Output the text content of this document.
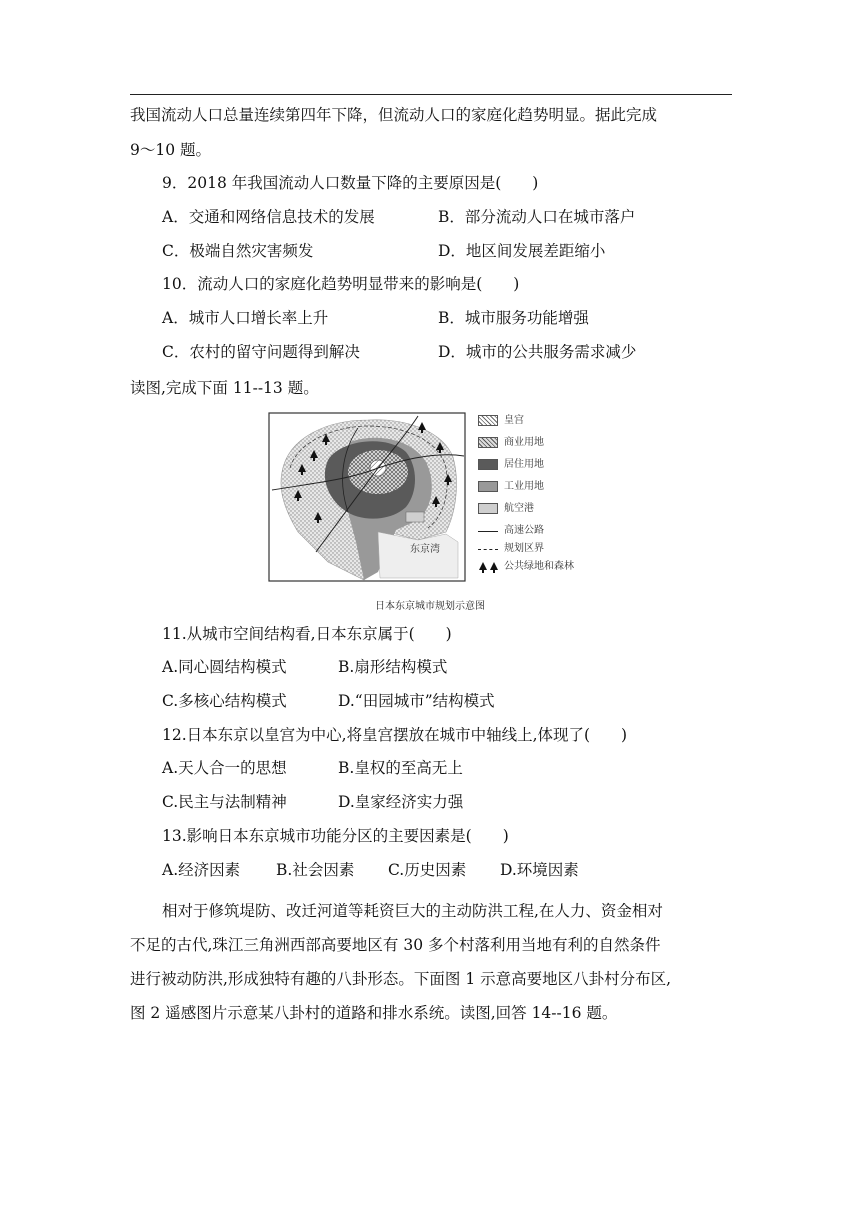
我国流动人口总量连续第四年下降，但流动人口的家庭化趋势明显。据此完成
9～10 题。
9．2018 年我国流动人口数量下降的主要原因是(　　)
A．交通和网络信息技术的发展	B．部分流动人口在城市落户
C．极端自然灾害频发	D．地区间发展差距缩小
10．流动人口的家庭化趋势明显带来的影响是(　　)
A．城市人口增长率上升	B．城市服务功能增强
C．农村的留守问题得到解决	D．城市的公共服务需求减少
读图,完成下面 11--13 题。
东京湾
皇宫
商业用地
居住用地
工业用地
航空港
高速公路
规划区界
公共绿地和森林
日本东京城市规划示意图
11.从城市空间结构看,日本东京属于(　　)
A.同心圆结构模式	B.扇形结构模式
C.多核心结构模式	D.“田园城市”结构模式
12.日本东京以皇宫为中心,将皇宫摆放在城市中轴线上,体现了(　　)
A.天人合一的思想	B.皇权的至高无上
C.民主与法制精神	D.皇家经济实力强
13.影响日本东京城市功能分区的主要因素是(　　)
A.经济因素 B.社会因素 C.历史因素 D.环境因素
相对于修筑堤防、改迁河道等耗资巨大的主动防洪工程,在人力、资金相对
不足的古代,珠江三角洲西部高要地区有 30 多个村落利用当地有利的自然条件
进行被动防洪,形成独特有趣的八卦形态。下面图 1 示意高要地区八卦村分布区,
图 2 遥感图片示意某八卦村的道路和排水系统。读图,回答 14--16 题。
